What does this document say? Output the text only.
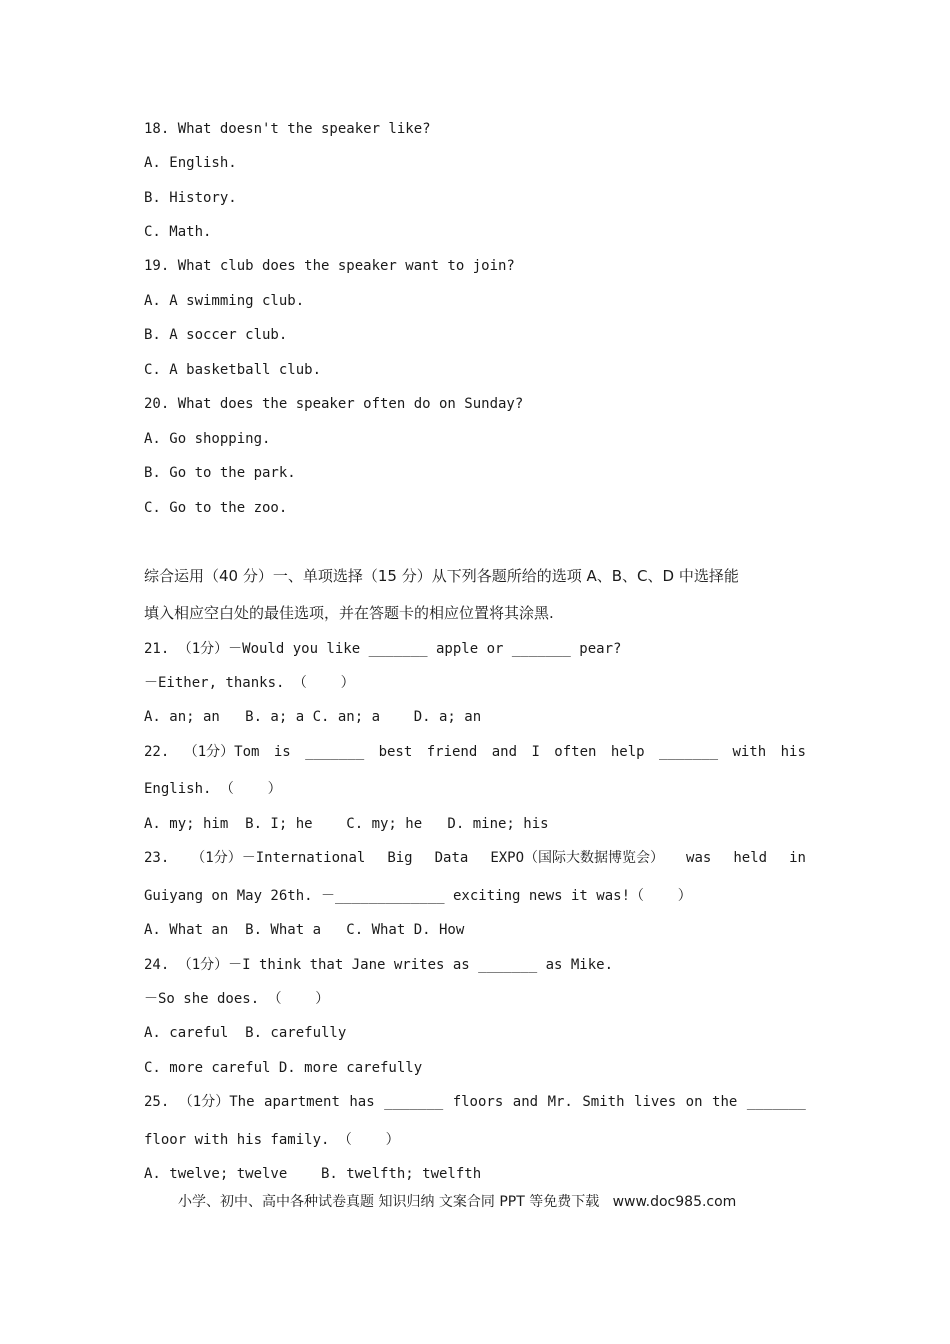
18. What doesn't the speaker like?
A. English.
B. History.
C. Math.
19. What club does the speaker want to join?
A. A swimming club.
B. A soccer club.
C. A basketball club.
20. What does the speaker often do on Sunday?
A. Go shopping.
B. Go to the park.
C. Go to the zoo.
综合运用（40 分）一、单项选择（15 分）从下列各题所给的选项 A、B、C、D 中选择能
填入相应空白处的最佳选项，并在答题卡的相应位置将其涂黑.
21. （1分）－Would you like _______ apple or _______ pear?
－Either, thanks. （    ）
A. an; an   B. a; a C. an; a    D. a; an
22. （1分）Tom is _______ best friend and I often help _______ with his
English. （    ）
A. my; him  B. I; he    C. my; he   D. mine; his
23. （1分）－International Big Data EXPO（国际大数据博览会） was held in
Guiyang on May 26th. －_____________ exciting news it was!（    ）
A. What an  B. What a   C. What D. How
24. （1分）－I think that Jane writes as _______ as Mike.
－So she does. （    ）
A. careful  B. carefully
C. more careful D. more carefully
25. （1分）The apartment has _______ floors and Mr. Smith lives on the _______
floor with his family. （    ）
A. twelve; twelve    B. twelfth; twelfth
小学、初中、高中各种试卷真题 知识归纳 文案合同 PPT 等免费下载   www.doc985.com
